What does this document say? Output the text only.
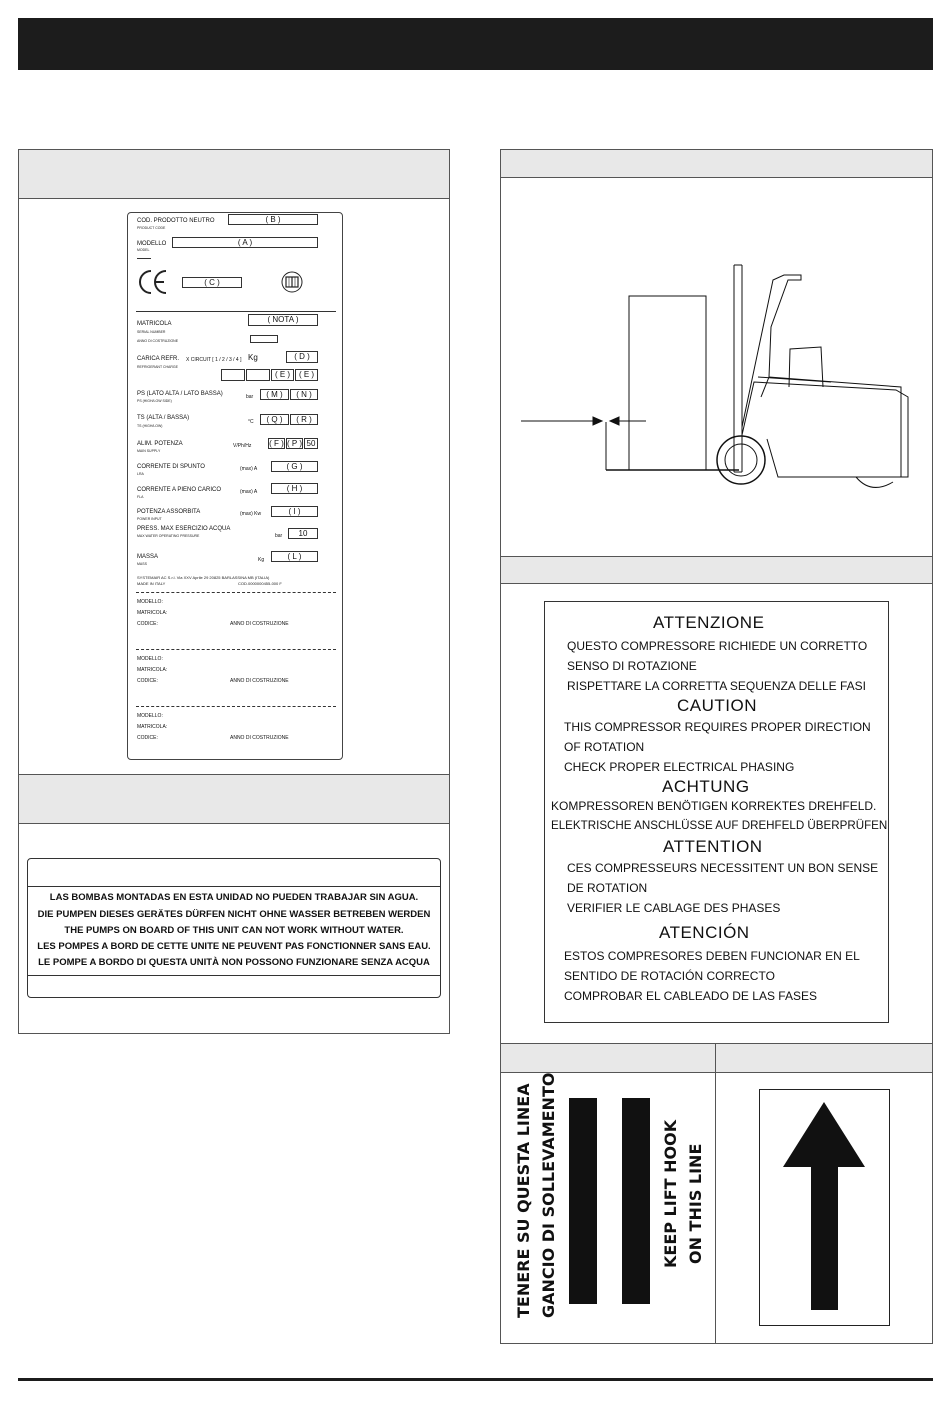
COD. PRODOTTO NEUTRO
PRODUCT CODE
( B )
MODELLO
MODEL
( A )
( C )
MATRICOLA
SERIAL NUMBER
( NOTA )
ANNO DI COSTRUZIONE
CARICA REFR. X CIRCUIT [ 1 / 2 / 3 / 4 ]
REFRIGERANT CHARGE
Kg	( D )
( E )	( E )
PS (LATO ALTA / LATO BASSA)
PS (HIGH/LOW SIDE)
bar	( M )	( N )
TS (ALTA / BASSA)
TS (HIGH/LOW)
°C	( Q )	( R )
ALIM. POTENZA
MAIN SUPPLY
V/Ph/Hz ( F ) ( P ) 50
CORRENTE DI SPUNTO
LRA
(max) A	( G )
CORRENTE A PIENO CARICO
FLA
(max) A	( H )
POTENZA ASSORBITA
POWER INPUT
(max) Kw	( I )
PRESS. MAX ESERCIZIO ACQUA
MAX WATER OPERATING PRESSURE	bar	10
MASSA
MASS
Kg	( L )
SYSTEMAIR AC S.r.l. Via XXV Aprile 29 20825 BARLASSINA MB (ITALIA)
MADE IN ITALY	COD.0000000455-000 F
MODELLO:
MATRICOLA:
CODICE:	ANNO DI COSTRUZIONE
MODELLO:
MATRICOLA:
CODICE:	ANNO DI COSTRUZIONE
MODELLO:
MATRICOLA:
CODICE:	ANNO DI COSTRUZIONE
LAS BOMBAS MONTADAS EN ESTA UNIDAD NO PUEDEN TRABAJAR SIN AGUA.
DIE PUMPEN DIESES GERÄTES DÜRFEN NICHT OHNE WASSER BETREBEN WERDEN
THE PUMPS ON BOARD OF THIS UNIT CAN NOT WORK WITHOUT WATER.
LES POMPES A BORD DE CETTE UNITE NE PEUVENT PAS FONCTIONNER SANS EAU.
LE POMPE A BORDO DI QUESTA UNITÀ NON POSSONO FUNZIONARE SENZA ACQUA
ATTENZIONE
QUESTO COMPRESSORE RICHIEDE UN CORRETTO
SENSO DI ROTAZIONE
RISPETTARE LA CORRETTA SEQUENZA DELLE FASI
CAUTION
THIS COMPRESSOR REQUIRES PROPER DIRECTION
OF ROTATION
CHECK PROPER ELECTRICAL PHASING
ACHTUNG
KOMPRESSOREN BENÖTIGEN KORREKTES DREHFELD.
ELEKTRISCHE ANSCHLÜSSE AUF DREHFELD ÜBERPRÜFEN
ATTENTION
CES COMPRESSEURS NECESSITENT UN BON SENSE
DE ROTATION
VERIFIER LE CABLAGE DES PHASES
ATENCIÓN
ESTOS COMPRESORES DEBEN FUNCIONAR EN EL
SENTIDO DE ROTACIÓN CORRECTO
COMPROBAR EL CABLEADO DE LAS FASES
TENERE SU QUESTA LINEA GANCIO DI SOLLEVAMENTO	KEEP LIFT HOOK ON THIS LINE
